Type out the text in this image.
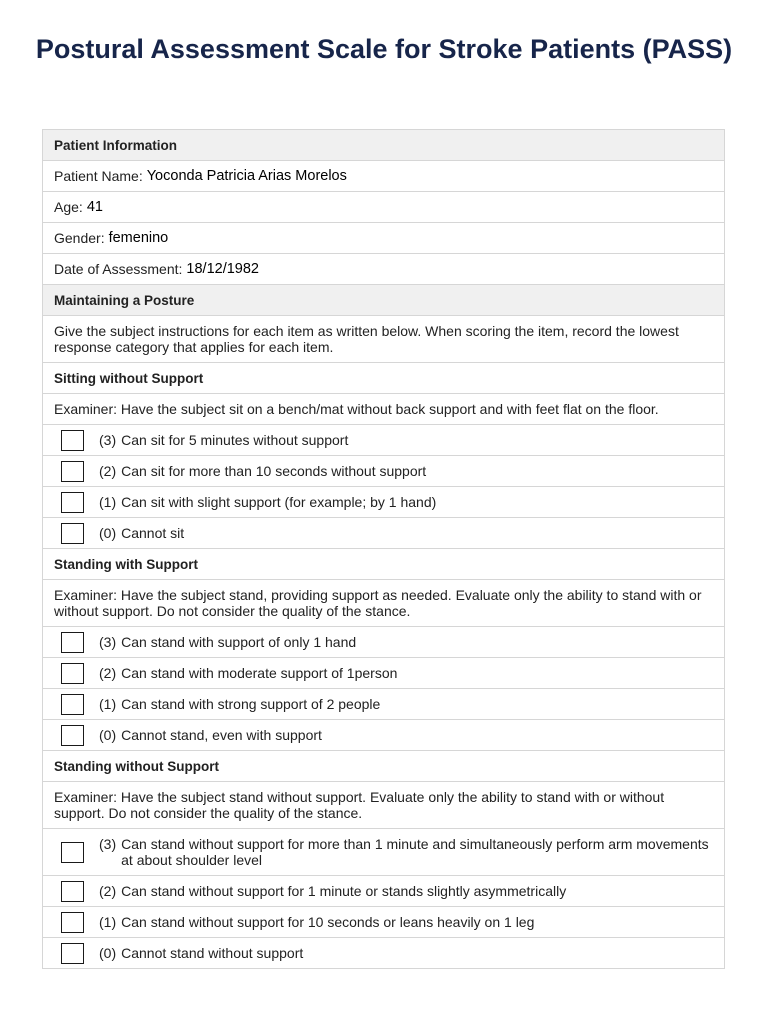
Postural Assessment Scale for Stroke Patients (PASS)
Patient Information
Patient Name: Yoconda Patricia Arias Morelos
Age: 41
Gender: femenino
Date of Assessment: 18/12/1982
Maintaining a Posture
Give the subject instructions for each item as written below. When scoring the item, record the lowest response category that applies for each item.
Sitting without Support
Examiner: Have the subject sit on a bench/mat without back support and with feet flat on the floor.
(3) Can sit for 5 minutes without support
(2) Can sit for more than 10 seconds without support
(1) Can sit with slight support (for example; by 1 hand)
(0) Cannot sit
Standing with Support
Examiner: Have the subject stand, providing support as needed. Evaluate only the ability to stand with or without support. Do not consider the quality of the stance.
(3) Can stand with support of only 1 hand
(2) Can stand with moderate support of 1person
(1) Can stand with strong support of 2 people
(0) Cannot stand, even with support
Standing without Support
Examiner: Have the subject stand without support. Evaluate only the ability to stand with or without support. Do not consider the quality of the stance.
(3) Can stand without support for more than 1 minute and simultaneously perform arm movements at about shoulder level
(2) Can stand without support for 1 minute or stands slightly asymmetrically
(1) Can stand without support for 10 seconds or leans heavily on 1 leg
(0) Cannot stand without support
